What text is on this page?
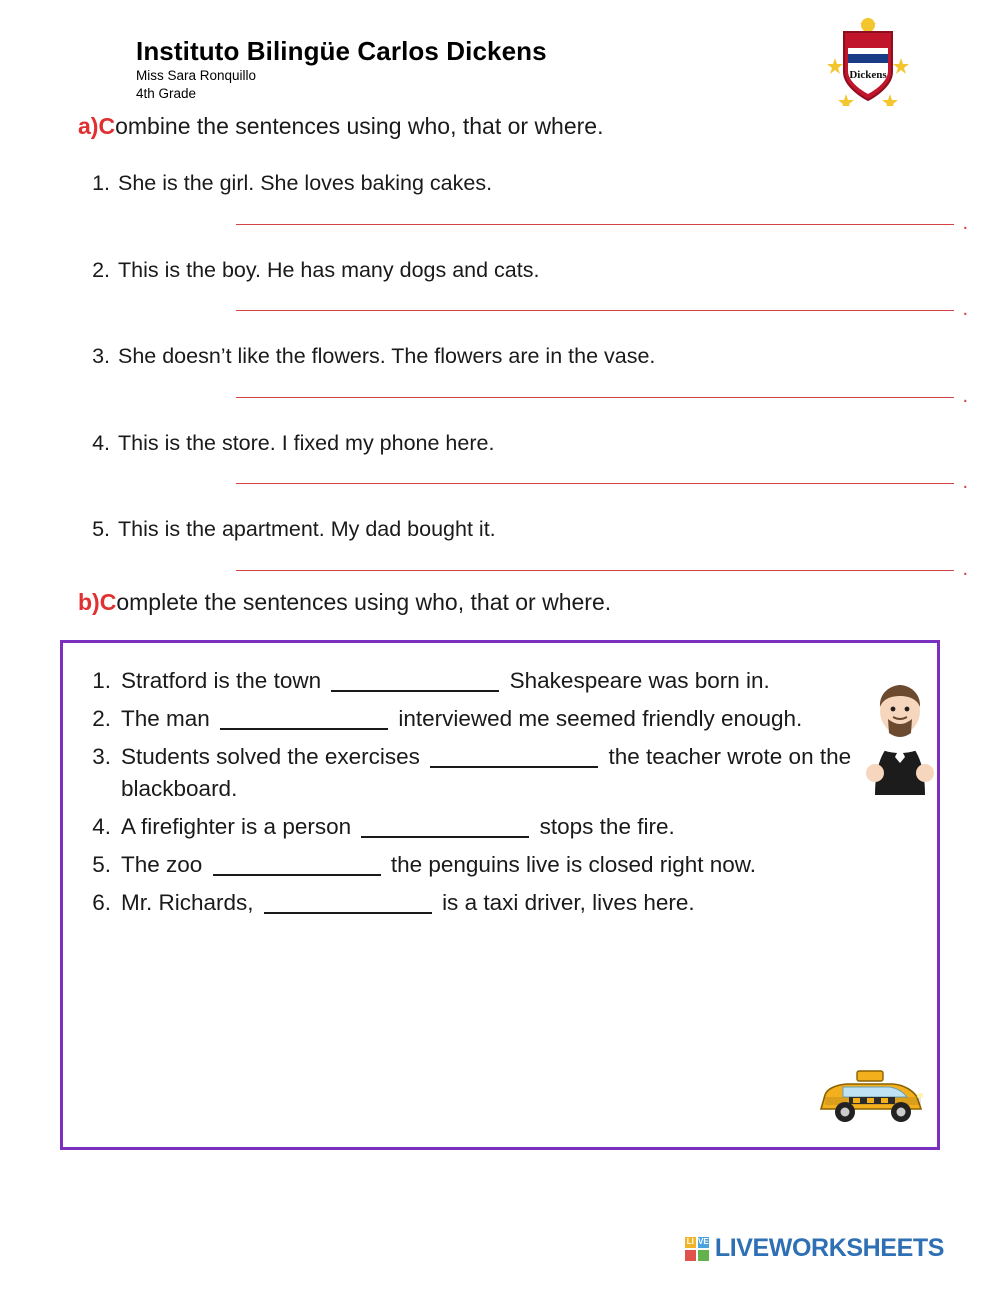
Instituto Bilingüe Carlos Dickens
Miss Sara Ronquillo
4th Grade
Dickens
a)Combine the sentences using who, that or where.
1. She is the girl. She loves baking cakes.
.
2. This is the boy. He has many dogs and cats.
.
3. She doesn’t like the flowers. The flowers are in the vase.
.
4. This is the store. I fixed my phone here.
.
5. This is the apartment. My dad bought it.
.
b)Complete the sentences using who, that or where.
1. Stratford is the town	Shakespeare was born in.
2. The man	interviewed me seemed friendly enough.
3. Students solved the exercises	the teacher wrote on the blackboard.
4. A firefighter is a person	stops the fire.
5. The zoo	the penguins live is closed right now.
6. Mr. Richards,	is a taxi driver, lives here.
LI VE LIVEWORKSHEETS
